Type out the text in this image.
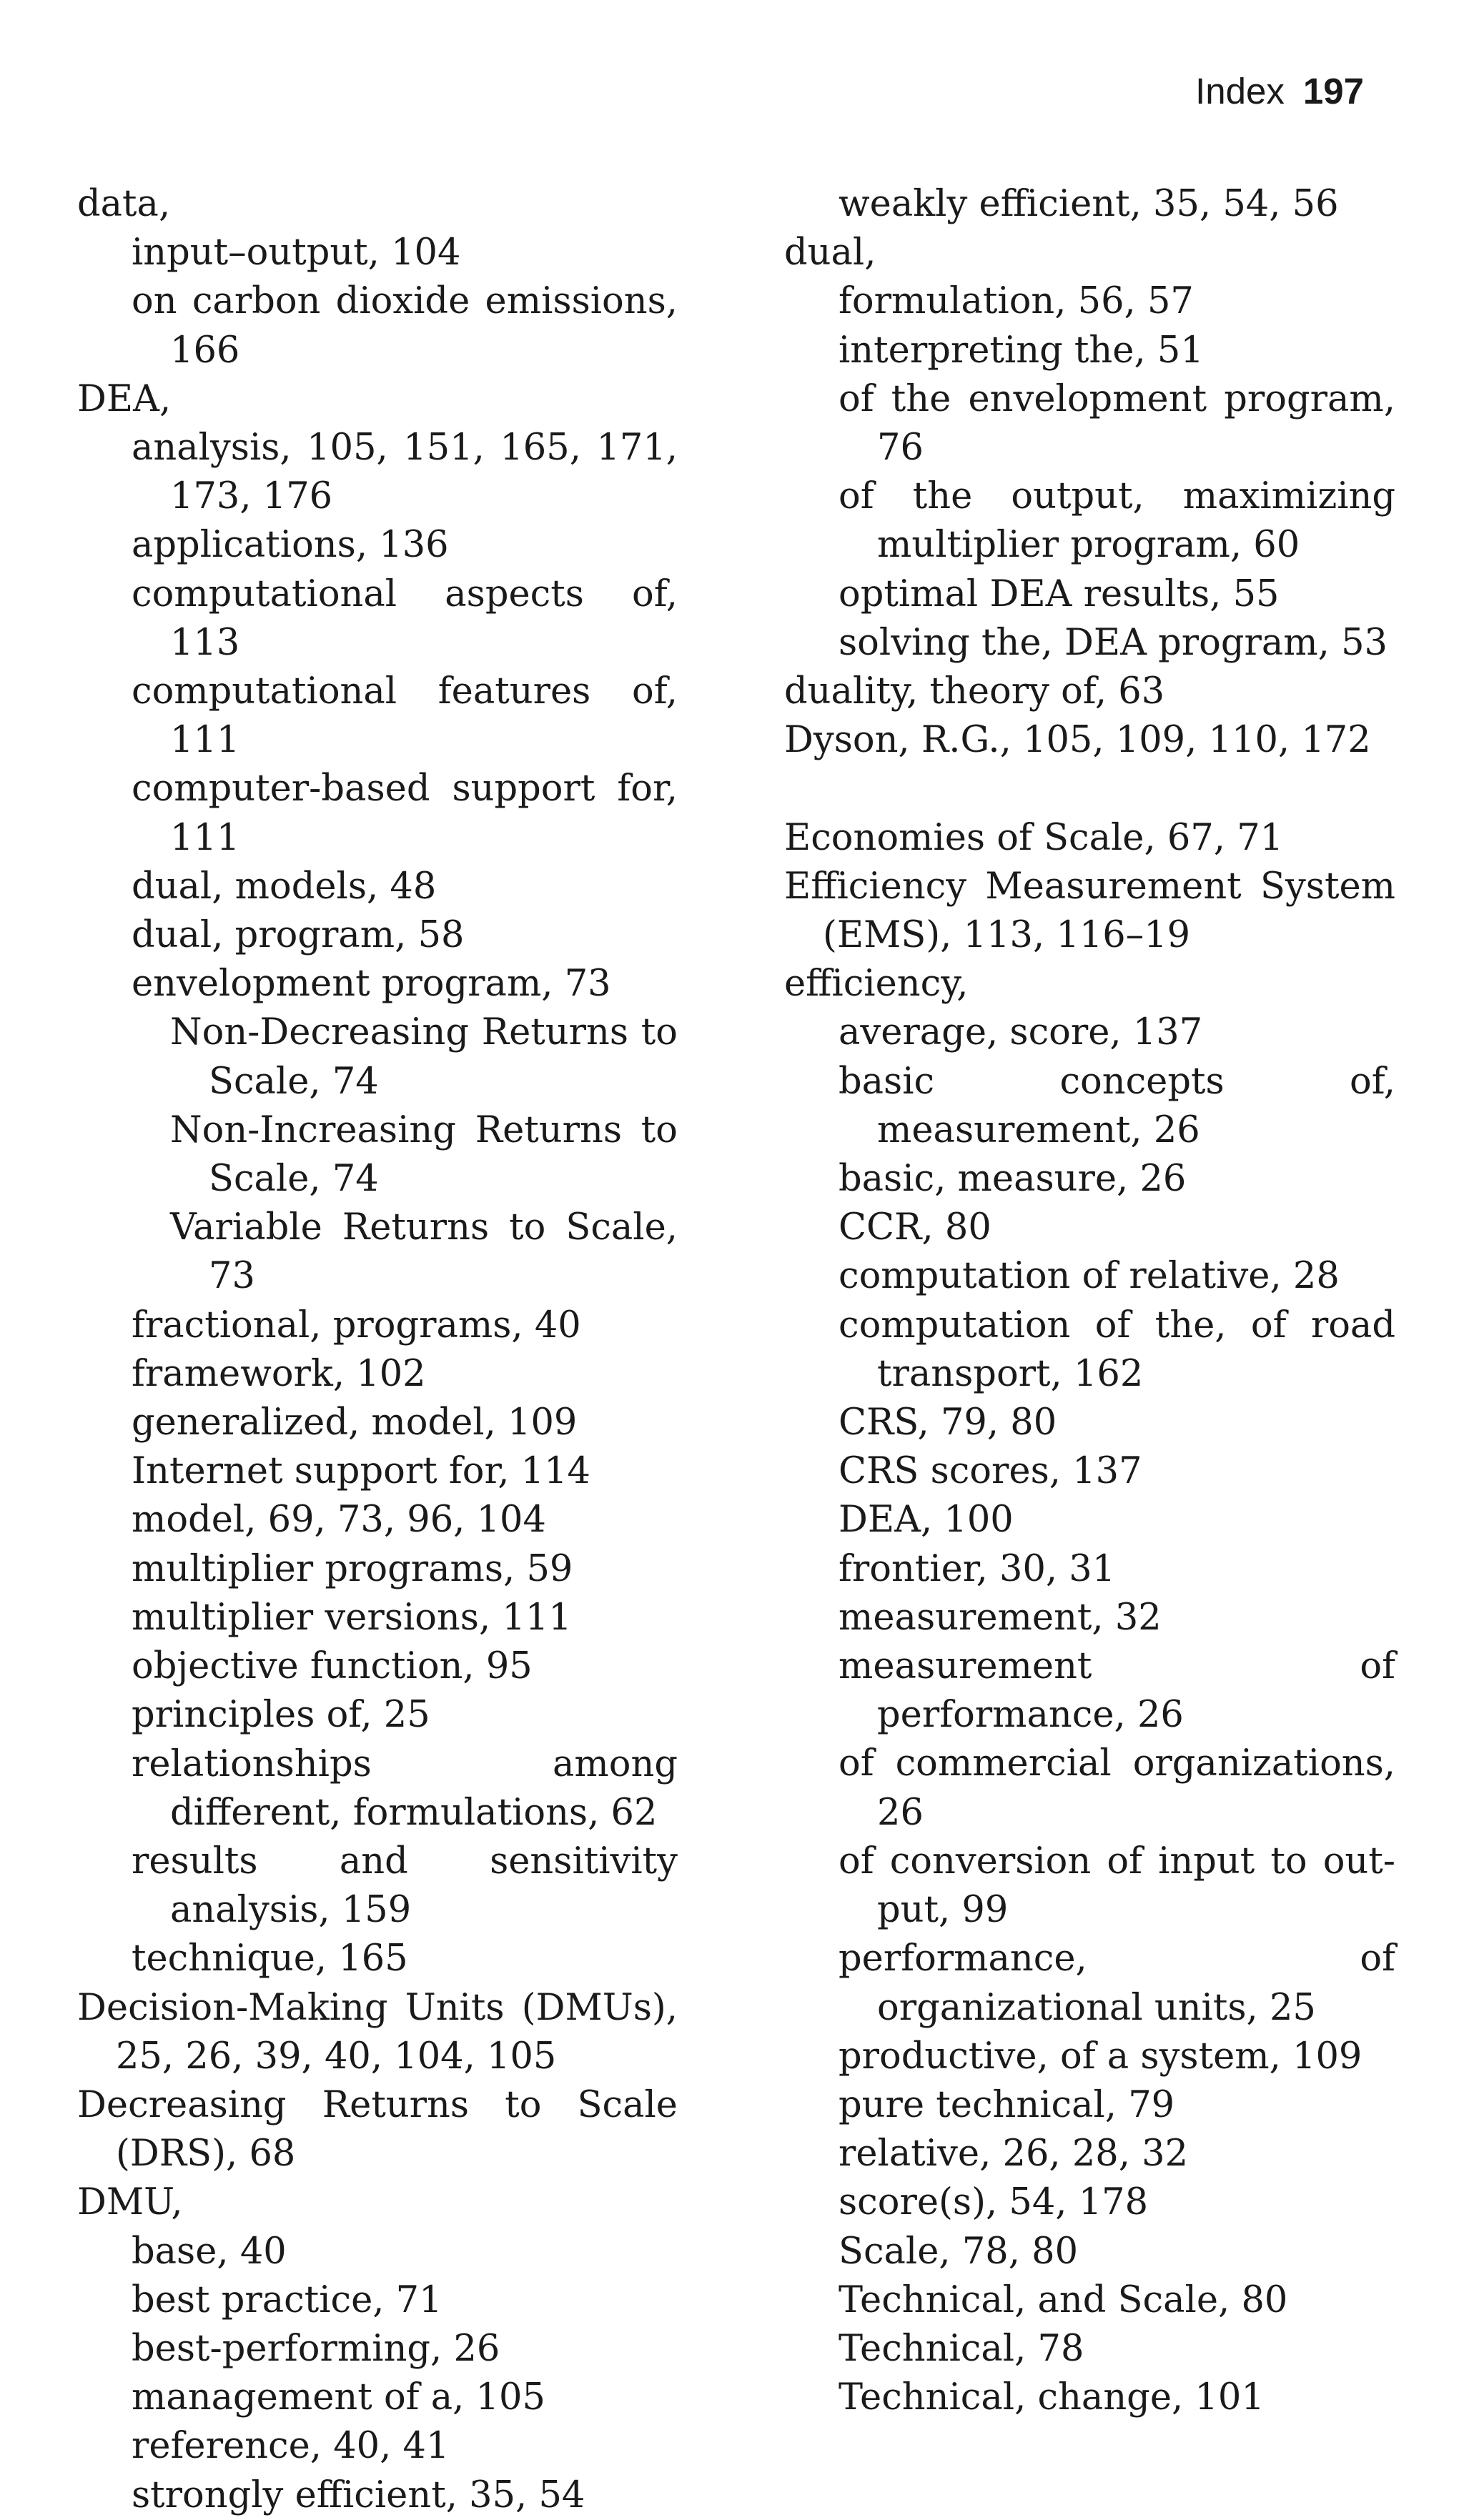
Index 197
data,
input–output, 104
on carbon dioxide emissions, 166
DEA,
analysis, 105, 151, 165, 171, 173, 176
applications, 136
computational aspects of, 113
computational features of, 111
computer-based support for, 111
dual, models, 48
dual, program, 58
envelopment program, 73
Non-Decreasing Returns to Scale, 74
Non-Increasing Returns to Scale, 74
Variable Returns to Scale, 73
fractional, programs, 40
framework, 102
generalized, model, 109
Internet support for, 114
model, 69, 73, 96, 104
multiplier programs, 59
multiplier versions, 111
objective function, 95
principles of, 25
relationships among different, formulations, 62
results and sensitivity analysis, 159
technique, 165
Decision-Making Units (DMUs), 25, 26, 39, 40, 104, 105
Decreasing Returns to Scale (DRS), 68
DMU,
base, 40
best practice, 71
best-performing, 26
management of a, 105
reference, 40, 41
strongly efficient, 35, 54
weakly efficient, 35, 54, 56
dual,
formulation, 56, 57
interpreting the, 51
of the envelopment program, 76
of the output, maximizing multiplier program, 60
optimal DEA results, 55
solving the, DEA program, 53
duality, theory of, 63
Dyson, R.G., 105, 109, 110, 172
Economies of Scale, 67, 71
Efficiency Measurement System (EMS), 113, 116–19
efficiency,
average, score, 137
basic concepts of, measurement, 26
basic, measure, 26
CCR, 80
computation of relative, 28
computation of the, of road transport, 162
CRS, 79, 80
CRS scores, 137
DEA, 100
frontier, 30, 31
measurement, 32
measurement of performance, 26
of commercial organizations, 26
of conversion of input to out-put, 99
performance, of organizational units, 25
productive, of a system, 109
pure technical, 79
relative, 26, 28, 32
score(s), 54, 178
Scale, 78, 80
Technical, and Scale, 80
Technical, 78
Technical, change, 101
